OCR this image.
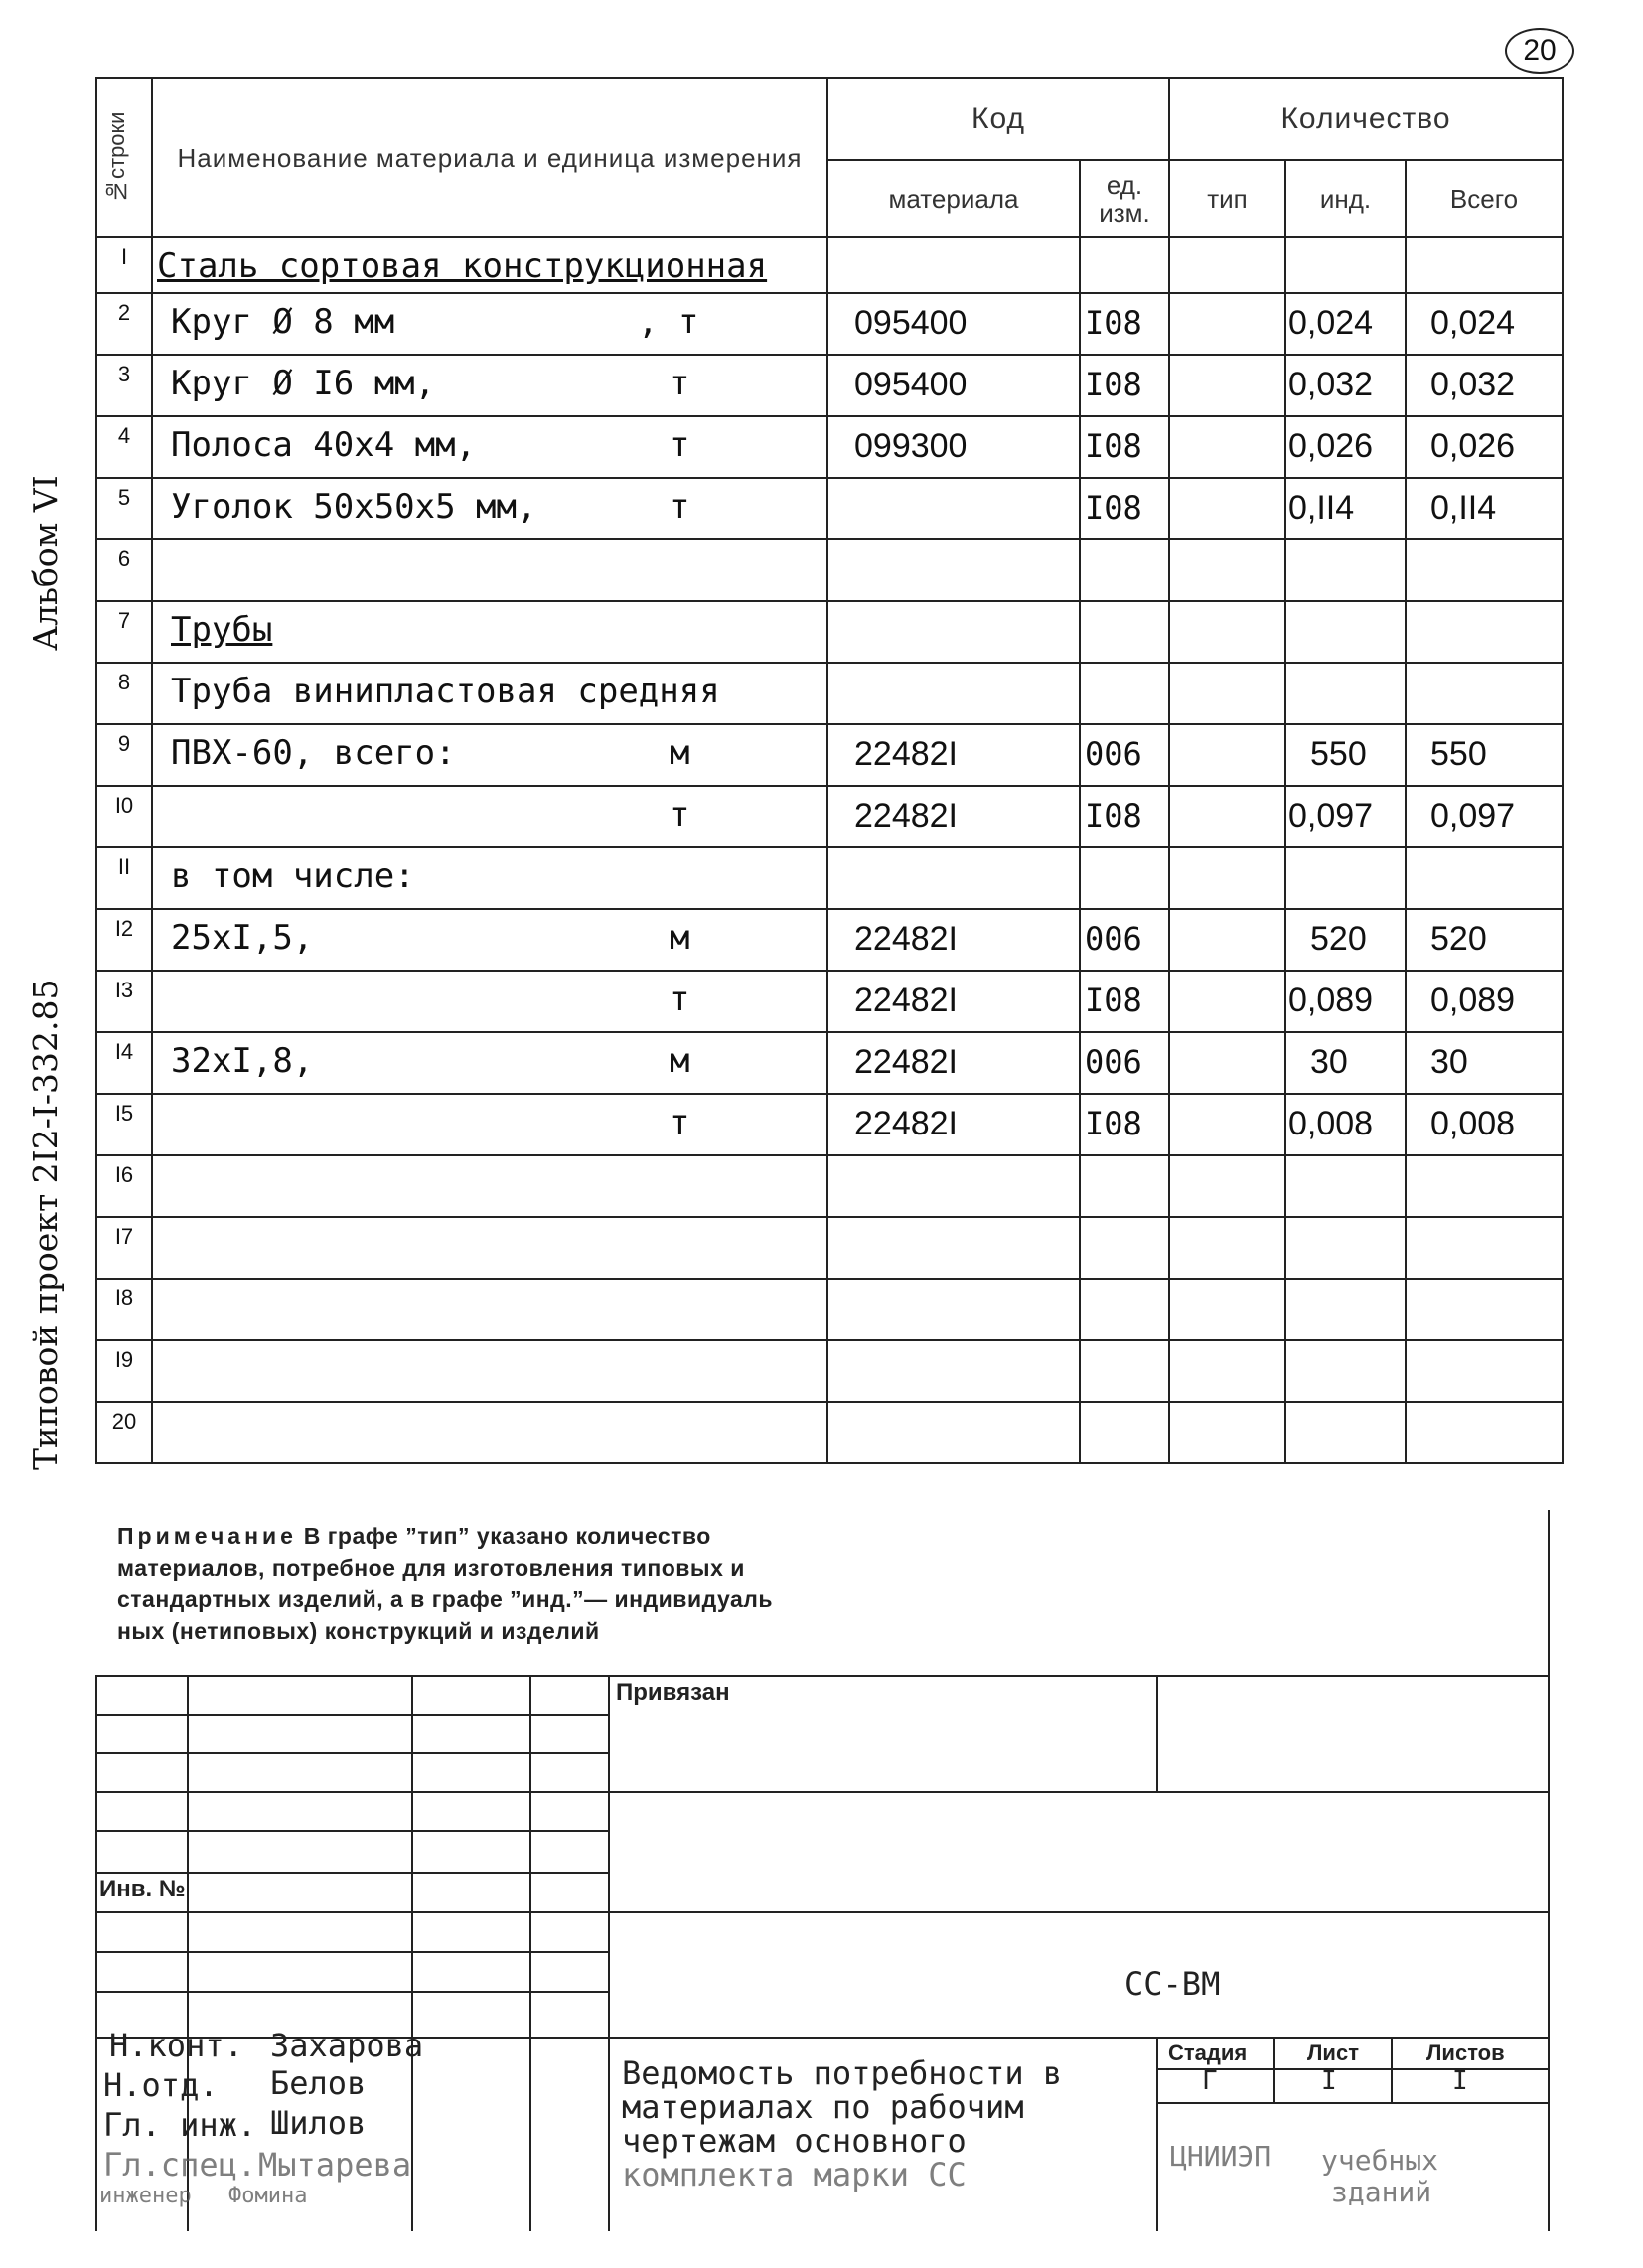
20
Альбом VI
Типовой проект 2I2-I-332.85
№строки	Наименование материала и единица измерения	Код		Количество		
		материала	ед. изм.	тип	инд.	Всего
I	Сталь сортовая конструкционная					

2	Круг Ø 8 мм , т	095400	I08		0,024	0,024

3	Круг Ø I6 мм, т	095400	I08		0,032	0,032

4	Полоса 40х4 мм, т	099300	I08		0,026	0,026

5	Уголок 50х50х5 мм, т		I08		0,II4	0,II4

6	

7	Трубы					

8	Труба винипластовая средняя					

9	ПВХ-60, всего: м	22482I	006		550	550

I0	т	22482I	I08		0,097	0,097

II	в том числе:					

I2	25хI,5, м	22482I	006		520	520

I3	т	22482I	I08		0,089	0,089

I4	32хI,8, м	22482I	006		30	30

I5	т	22482I	I08		0,008	0,008

I6	

I7	

I8	

I9	

20	

Примечание В графе ”тип” указано количество
материалов, потребное для изготовления типовых и
стандартных изделий, а в графе ”инд.”— индивидуаль
ных (нетиповых) конструкций и изделий
Привязан
Инв. №
СС-ВМ
Н.конт. Захарова
Н.отд. Белов
Гл. инж. Шилов
Гл.спец. Мытарева
инженер Фомина
Ведомость потребности в
материалах по рабочим
чертежам основного
комплекта марки СС
Стадия	Лист	Листов
Г	I	I
ЦНИИЭП учебных
зданий
